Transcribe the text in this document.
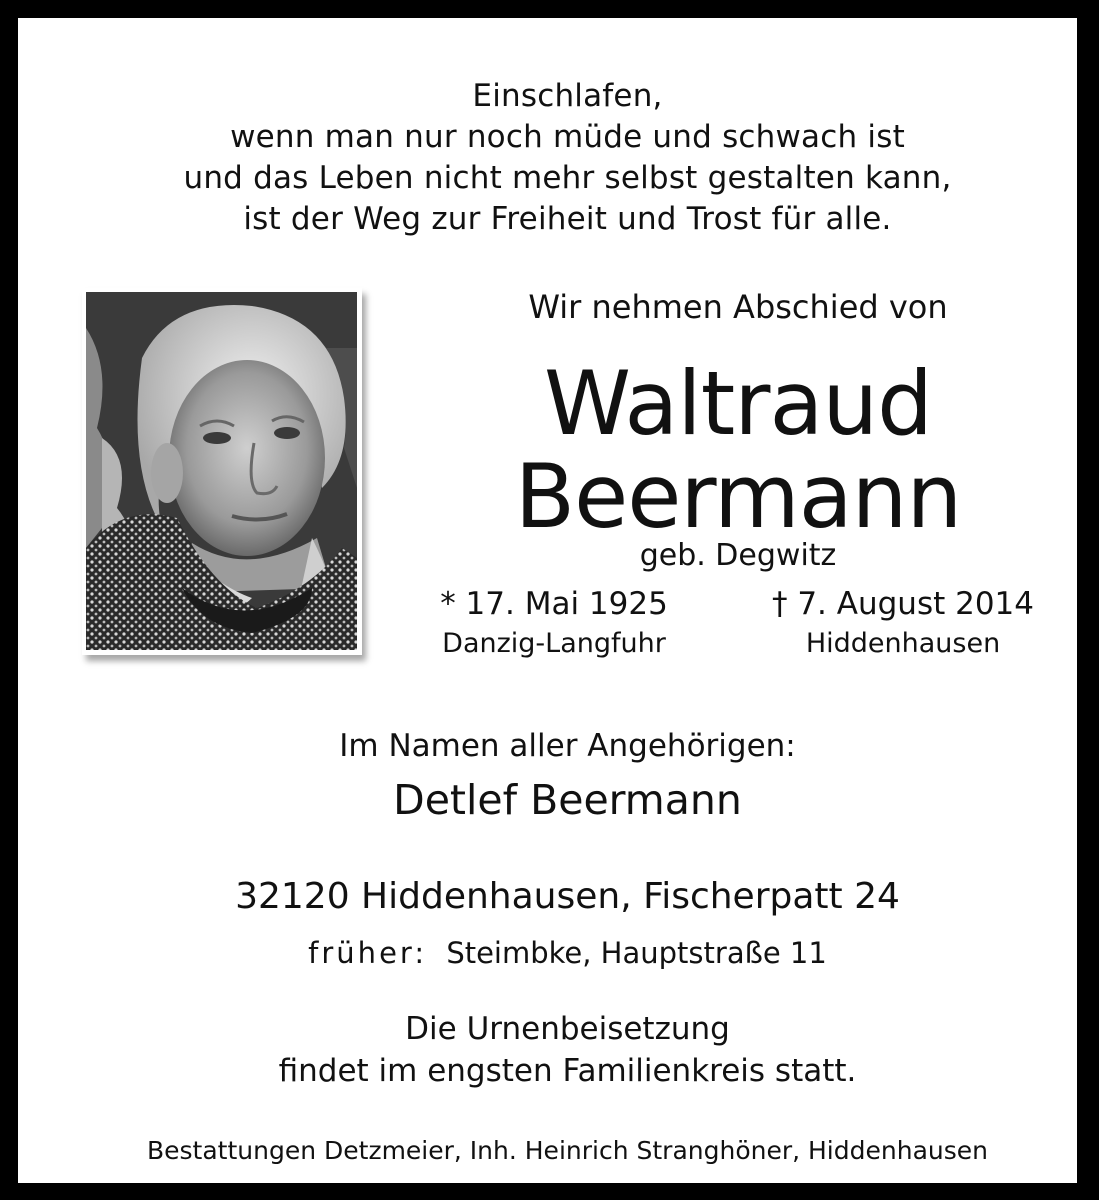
Einschlafen,
wenn man nur noch müde und schwach ist
und das Leben nicht mehr selbst gestalten kann,
ist der Weg zur Freiheit und Trost für alle.
Wir nehmen Abschied von
Waltraud
Beermann
geb. Degwitz
* 17. Mai 1925
Danzig-Langfuhr
† 7. August 2014
Hiddenhausen
Im Namen aller Angehörigen:
Detlef Beermann
32120 Hiddenhausen, Fischerpatt 24
früher: Steimbke, Hauptstraße 11
Die Urnenbeisetzung
findet im engsten Familienkreis statt.
Bestattungen Detzmeier, Inh. Heinrich Stranghöner, Hiddenhausen
